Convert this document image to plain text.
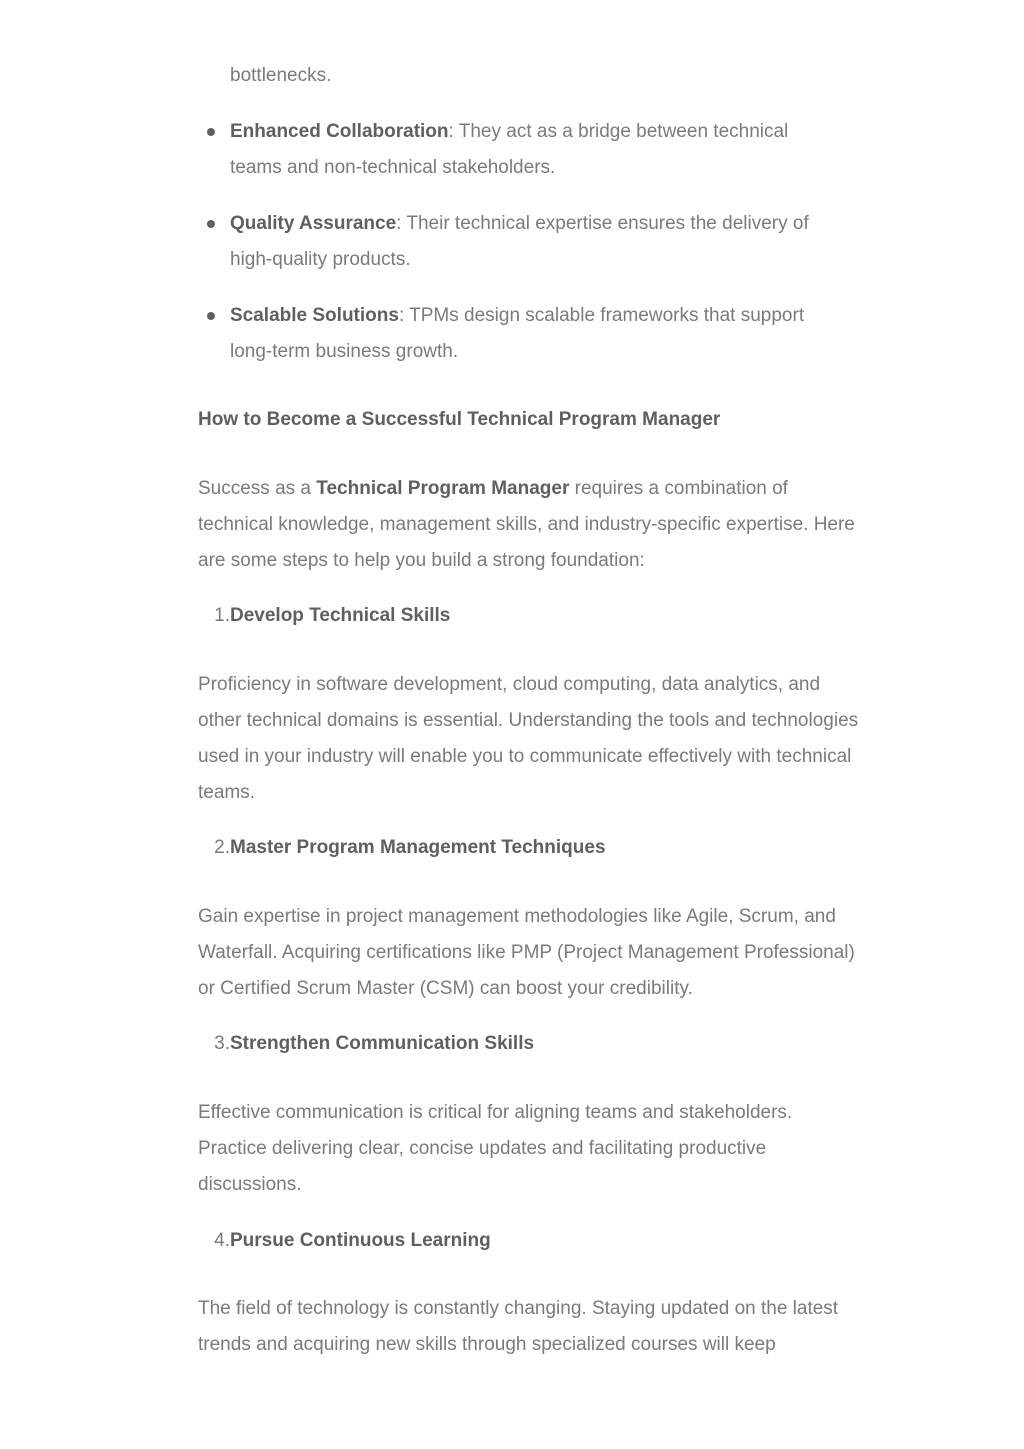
bottlenecks.

Enhanced Collaboration: They act as a bridge between technical teams and non-technical stakeholders.

Quality Assurance: Their technical expertise ensures the delivery of high-quality products.

Scalable Solutions: TPMs design scalable frameworks that support long-term business growth.

How to Become a Successful Technical Program Manager

Success as a Technical Program Manager requires a combination of technical knowledge, management skills, and industry-specific expertise. Here are some steps to help you build a strong foundation:

1.Develop Technical Skills

Proficiency in software development, cloud computing, data analytics, and other technical domains is essential. Understanding the tools and technologies used in your industry will enable you to communicate effectively with technical teams.

2.Master Program Management Techniques

Gain expertise in project management methodologies like Agile, Scrum, and Waterfall. Acquiring certifications like PMP (Project Management Professional) or Certified Scrum Master (CSM) can boost your credibility.

3.Strengthen Communication Skills

Effective communication is critical for aligning teams and stakeholders. Practice delivering clear, concise updates and facilitating productive discussions.

4.Pursue Continuous Learning

The field of technology is constantly changing. Staying updated on the latest trends and acquiring new skills through specialized courses will keep
